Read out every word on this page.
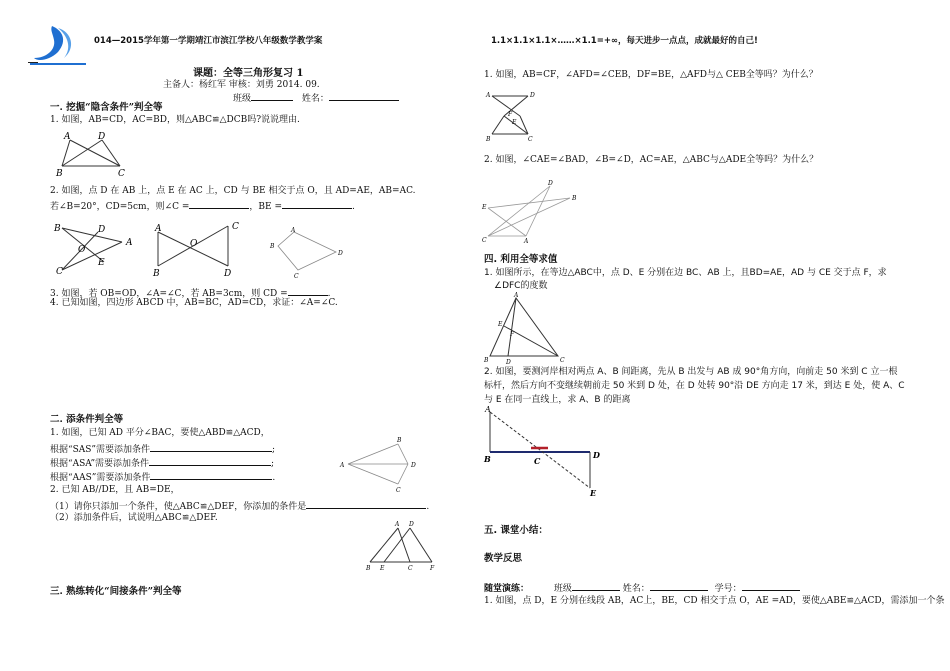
014—2015学年第一学期靖江市滨江学校八年级数学教学案	1.1×1.1×1.1×……×1.1=+∞，每天进步一点点，成就最好的自己!
课题：全等三角形复习 1
主备人：杨红军 审核：刘勇 2014. 09.
班级	姓名：
一. 挖掘“隐含条件”判全等
1. 如图，AB=CD，AC=BD，则△ABC≌△DCB吗?说说理由.
A	D
B	C
2. 如图，点 D 在 AB 上，点 E 在 AC 上，CD 与 BE 相交于点 O，且 AD=AE，AB=AC.
若∠B=20°，CD=5cm，则∠C =	，BE =	.
B	D
A
O
E
C
A	C
O
B	D
A
D
C
B
3. 如图，若 OB=OD，∠A=∠C，若 AB=3cm，则 CD =	.
4. 已知如图，四边形 ABCD 中，AB=BC，AD=CD，求证：∠A=∠C.
二. 添条件判全等
1. 如图，已知 AD 平分∠BAC，要使△ABD≌△ACD，
根据“SAS”需要添加条件	;
根据“ASA”需要添加条件	;
根据“AAS”需要添加条件	.
2. 已知 AB//DE，且 AB=DE，
（1）请你只添加一个条件，使△ABC≌△DEF，你添加的条件是	.
（2）添加条件后，试说明△ABC≌△DEF.
A
B
D
C
A D
B E	C	F
三. 熟练转化“间接条件”判全等
1. 如图，AB=CF，∠AFD=∠CEB，DF=BE，△AFD与△ CEB全等吗？为什么？
A	D
F
E
B	C
2. 如图，∠CAE=∠BAD，∠B=∠D，AC=AE，△ABC与△ADE全等吗？为什么？
D
B
E
C	A
四. 利用全等求值
1. 如图所示，在等边△ABC中，点 D、E 分别在边 BC、AB 上，且BD=AE，AD 与 CE 交于点 F，求
∠DFC的度数
A
E
F
B	D	C
2. 如图，要测河岸相对两点 A、B 间距离，先从 B 出发与 AB 成 90°角方向，向前走 50 米到 C 立一根
标杆，然后方向不变继续朝前走 50 米到 D 处，在 D 处转 90°沿 DE 方向走 17 米，到达 E 处，使 A、C
与 E 在同一直线上，求 A、B 的距离
A
B	C
D
E
五. 课堂小结：
教学反思
随堂演练：	班级	姓名：	学号：
1. 如图，点 D，E 分别在线段 AB，AC上，BE，CD 相交于点 O，AE =AD，要使△ABE≌△ACD，需添加一个条
